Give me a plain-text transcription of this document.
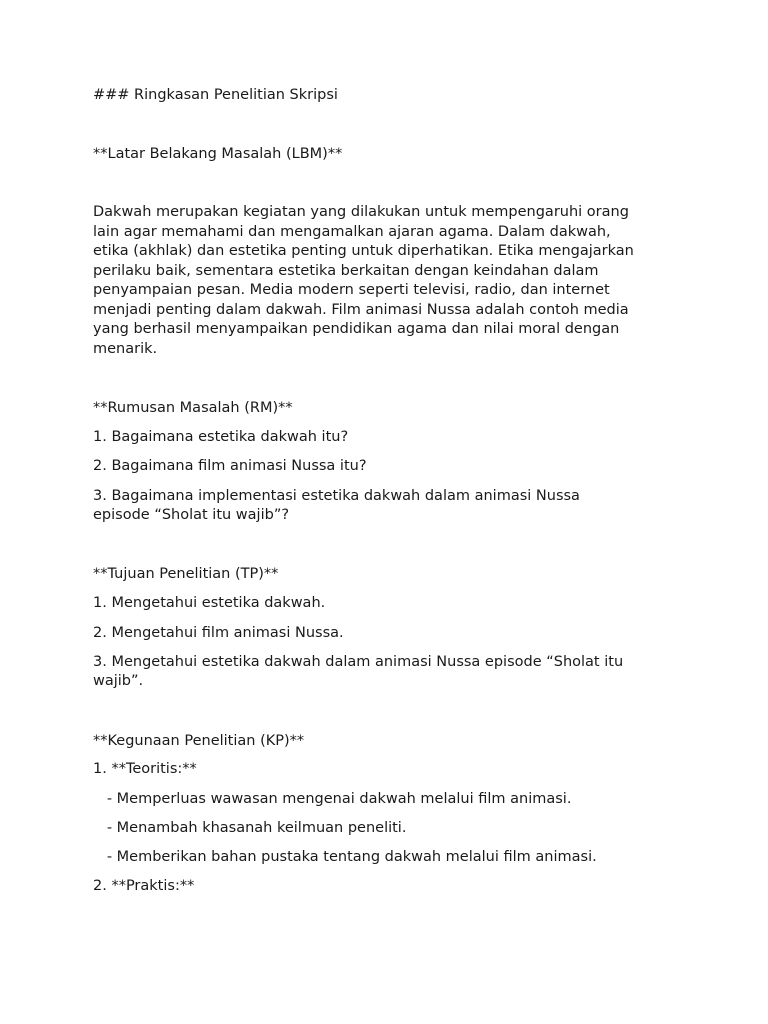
### Ringkasan Penelitian Skripsi
**Latar Belakang Masalah (LBM)**
Dakwah merupakan kegiatan yang dilakukan untuk mempengaruhi orang
lain agar memahami dan mengamalkan ajaran agama. Dalam dakwah,
etika (akhlak) dan estetika penting untuk diperhatikan. Etika mengajarkan
perilaku baik, sementara estetika berkaitan dengan keindahan dalam
penyampaian pesan. Media modern seperti televisi, radio, dan internet
menjadi penting dalam dakwah. Film animasi Nussa adalah contoh media
yang berhasil menyampaikan pendidikan agama dan nilai moral dengan
menarik.
**Rumusan Masalah (RM)**
1. Bagaimana estetika dakwah itu?
2. Bagaimana film animasi Nussa itu?
3. Bagaimana implementasi estetika dakwah dalam animasi Nussa
episode “Sholat itu wajib”?
**Tujuan Penelitian (TP)**
1. Mengetahui estetika dakwah.
2. Mengetahui film animasi Nussa.
3. Mengetahui estetika dakwah dalam animasi Nussa episode “Sholat itu
wajib”.
**Kegunaan Penelitian (KP)**
1. **Teoritis:**
- Memperluas wawasan mengenai dakwah melalui film animasi.
- Menambah khasanah keilmuan peneliti.
- Memberikan bahan pustaka tentang dakwah melalui film animasi.
2. **Praktis:**
